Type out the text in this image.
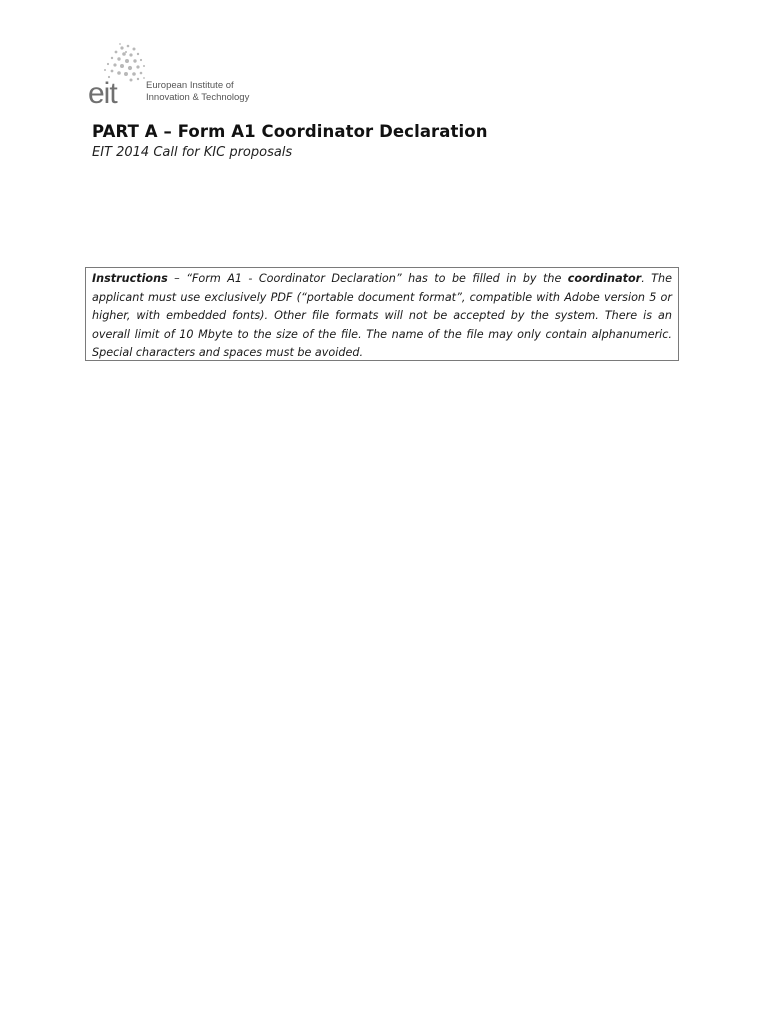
eit	European Institute of
Innovation & Technology
PART A – Form A1 Coordinator Declaration
EIT 2014 Call for KIC proposals

Instructions – “Form A1 - Coordinator Declaration” has to be filled in by the coordinator. The applicant must use exclusively PDF (“portable document format”, compatible with Adobe version 5 or higher, with embedded fonts). Other file formats will not be accepted by the system. There is an overall limit of 10 Mbyte to the size of the file. The name of the file may only contain alphanumeric. Special characters and spaces must be avoided.
